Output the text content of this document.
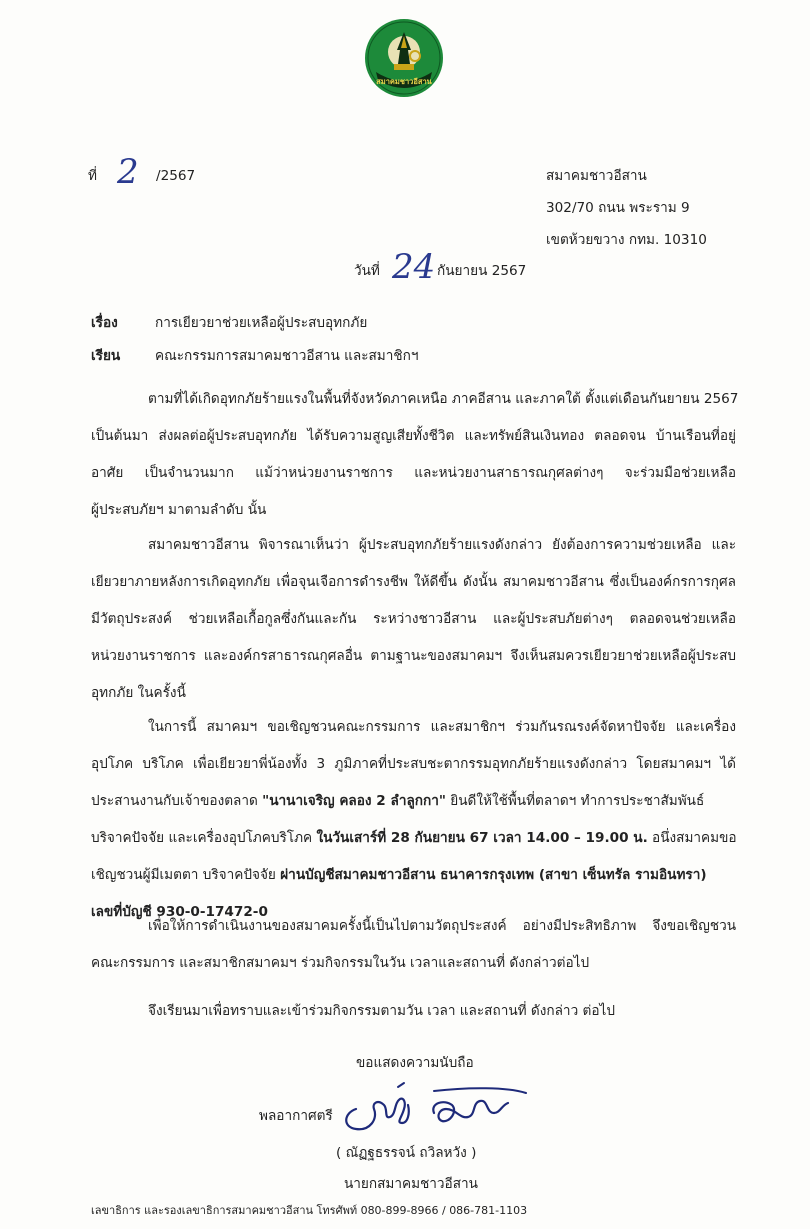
สมาคมชาวอีสาน
ที่ 2 /2567	สมาคมชาวอีสาน
302/70 ถนน พระราม 9
เขตห้วยขวาง กทม. 10310
วันที่ 24 กันยายน 2567
เรื่อง	การเยียวยาช่วยเหลือผู้ประสบอุทกภัย
เรียน	คณะกรรมการสมาคมชาวอีสาน และสมาชิกฯ
ตามที่ได้เกิดอุทกภัยร้ายแรงในพื้นที่จังหวัดภาคเหนือ ภาคอีสาน และภาคใต้ ตั้งแต่เดือนกันยายน 2567
เป็นต้นมา ส่งผลต่อผู้ประสบอุทกภัย ได้รับความสูญเสียทั้งชีวิต และทรัพย์สินเงินทอง ตลอดจน บ้านเรือนที่อยู่
อาศัย เป็นจำนวนมาก แม้ว่าหน่วยงานราชการ และหน่วยงานสาธารณกุศลต่างๆ จะร่วมมือช่วยเหลือ
ผู้ประสบภัยฯ มาตามลำดับ นั้น
สมาคมชาวอีสาน พิจารณาเห็นว่า ผู้ประสบอุทกภัยร้ายแรงดังกล่าว ยังต้องการความช่วยเหลือ และ
เยียวยาภายหลังการเกิดอุทกภัย เพื่อจุนเจือการดำรงชีพ ให้ดีขึ้น ดังนั้น สมาคมชาวอีสาน ซึ่งเป็นองค์กรการกุศล
มีวัตถุประสงค์ ช่วยเหลือเกื้อกูลซึ่งกันและกัน ระหว่างชาวอีสาน และผู้ประสบภัยต่างๆ ตลอดจนช่วยเหลือ
หน่วยงานราชการ และองค์กรสาธารณกุศลอื่น ตามฐานะของสมาคมฯ จึงเห็นสมควรเยียวยาช่วยเหลือผู้ประสบ
อุทกภัย ในครั้งนี้
ในการนี้ สมาคมฯ ขอเชิญชวนคณะกรรมการ และสมาชิกฯ ร่วมกันรณรงค์จัดหาปัจจัย และเครื่อง
อุปโภค บริโภค เพื่อเยียวยาพี่น้องทั้ง 3 ภูมิภาคที่ประสบชะตากรรมอุทกภัยร้ายแรงดังกล่าว โดยสมาคมฯ ได้
ประสานงานกับเจ้าของตลาด "นานาเจริญ คลอง 2 ลำลูกกา" ยินดีให้ใช้พื้นที่ตลาดฯ ทำการประชาสัมพันธ์
บริจาคปัจจัย และเครื่องอุปโภคบริโภค ในวันเสาร์ที่ 28 กันยายน 67 เวลา 14.00 – 19.00 น. อนึ่งสมาคมขอ
เชิญชวนผู้มีเมตตา บริจาคปัจจัย ผ่านบัญชีสมาคมชาวอีสาน ธนาคารกรุงเทพ (สาขา เซ็นทรัล รามอินทรา)
เลขที่บัญชี 930-0-17472-0
เพื่อให้การดำเนินงานของสมาคมครั้งนี้เป็นไปตามวัตถุประสงค์ อย่างมีประสิทธิภาพ จึงขอเชิญชวน
คณะกรรมการ และสมาชิกสมาคมฯ ร่วมกิจกรรมในวัน เวลาและสถานที่ ดังกล่าวต่อไป
จึงเรียนมาเพื่อทราบและเข้าร่วมกิจกรรมตามวัน เวลา และสถานที่ ดังกล่าว ต่อไป
ขอแสดงความนับถือ
พลอากาศตรี
( ณัฏฐธรรจน์ ถวิลหวัง )
นายกสมาคมชาวอีสาน
เลขาธิการ และรองเลขาธิการสมาคมชาวอีสาน โทรศัพท์ 080-899-8966 / 086-781-1103
